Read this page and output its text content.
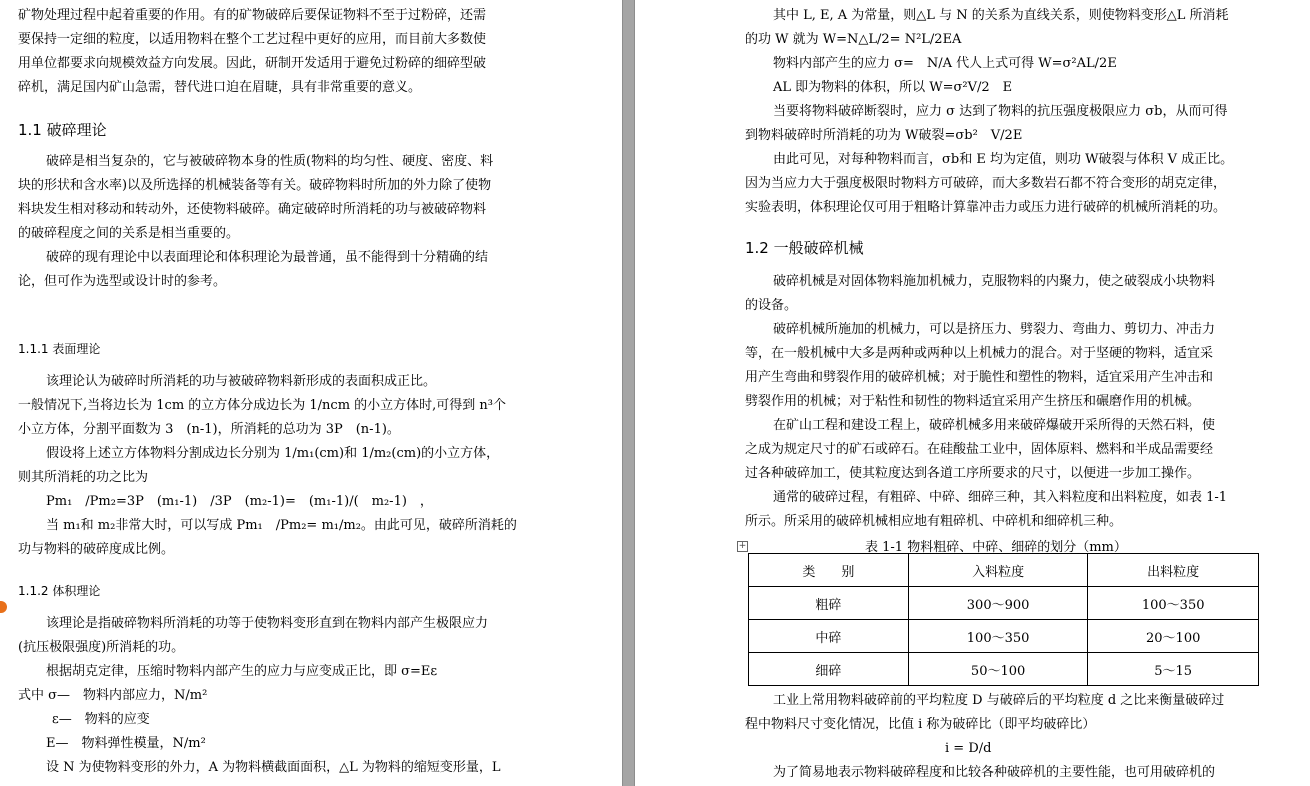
矿物处理过程中起着重要的作用。有的矿物破碎后要保证物料不至于过粉碎，还需
要保持一定细的粒度，以适用物料在整个工艺过程中更好的应用，而目前大多数使
用单位都要求向规模效益方向发展。因此，研制开发适用于避免过粉碎的细碎型破
碎机，满足国内矿山急需，替代进口迫在眉睫，具有非常重要的意义。
1.1 破碎理论
破碎是相当复杂的，它与被破碎物本身的性质(物料的均匀性、硬度、密度、料
块的形状和含水率)以及所选择的机械装备等有关。破碎物料时所加的外力除了使物
料块发生相对移动和转动外，还使物料破碎。确定破碎时所消耗的功与被破碎物料
的破碎程度之间的关系是相当重要的。
破碎的现有理论中以表面理论和体积理论为最普通，虽不能得到十分精确的结
论，但可作为选型或设计时的参考。
1.1.1 表面理论
该理论认为破碎时所消耗的功与被破碎物料新形成的表面积成正比。
一般情况下,当将边长为 1cm 的立方体分成边长为 1/ncm 的小立方体时,可得到 n³个
小立方体，分割平面数为 3　(n-1)，所消耗的总功为 3P　(n-1)。
假设将上述立方体物料分割成边长分别为 1/m₁(cm)和 1/m₂(cm)的小立方体，
则其所消耗的功之比为
Pm₁　/Pm₂=3P　(m₁-1)　/3P　(m₂-1)=　(m₁-1)/(　m₂-1)　，
当 m₁和 m₂非常大时，可以写成 Pm₁　/Pm₂= m₁/m₂。由此可见，破碎所消耗的
功与物料的破碎度成比例。
1.1.2 体积理论
该理论是指破碎物料所消耗的功等于使物料变形直到在物料内部产生极限应力
(抗压极限强度)所消耗的功。
根据胡克定律，压缩时物料内部产生的应力与应变成正比，即 σ=Eε
式中 σ—　物料内部应力，N/m²
ε—　物料的应变
E—　物料弹性模量，N/m²
设 N 为使物料变形的外力，A 为物料横截面面积，△L 为物料的缩短变形量，L
其中 L, E, A 为常量，则△L 与 N 的关系为直线关系，则使物料变形△L 所消耗
的功 W 就为 W=N△L/2= N²L/2EA
物料内部产生的应力 σ=　N/A 代人上式可得 W=σ²AL/2E
AL 即为物料的体积，所以 W=σ²V/2　E
当要将物料破碎断裂时，应力 σ 达到了物料的抗压强度极限应力 σb，从而可得
到物料破碎时所消耗的功为 W破裂=σb²　V/2E
由此可见，对每种物料而言，σb和 E 均为定值，则功 W破裂与体积 V 成正比。
因为当应力大于强度极限时物料方可破碎，而大多数岩石都不符合变形的胡克定律，
实验表明，体积理论仅可用于粗略计算靠冲击力或压力进行破碎的机械所消耗的功。
1.2 一般破碎机械
破碎机械是对固体物料施加机械力，克服物料的内聚力，使之破裂成小块物料
的设备。
破碎机械所施加的机械力，可以是挤压力、劈裂力、弯曲力、剪切力、冲击力
等，在一般机械中大多是两种或两种以上机械力的混合。对于坚硬的物料，适宜采
用产生弯曲和劈裂作用的破碎机械；对于脆性和塑性的物料，适宜采用产生冲击和
劈裂作用的机械；对于粘性和韧性的物料适宜采用产生挤压和碾磨作用的机械。
在矿山工程和建设工程上，破碎机械多用来破碎爆破开采所得的天然石料，使
之成为规定尺寸的矿石或碎石。在硅酸盐工业中，固体原料、燃料和半成品需要经
过各种破碎加工，使其粒度达到各道工序所要求的尺寸，以便进一步加工操作。
通常的破碎过程，有粗碎、中碎、细碎三种，其入料粒度和出料粒度，如表 1-1
所示。所采用的破碎机械相应地有粗碎机、中碎机和细碎机三种。
+	表 1-1 物料粗碎、中碎、细碎的划分（mm）
类　　别	入料粒度	出料粒度
粗碎	300～900	100～350
中碎	100～350	20～100
细碎	50～100	5～15
工业上常用物料破碎前的平均粒度 D 与破碎后的平均粒度 d 之比来衡量破碎过
程中物料尺寸变化情况，比值 i 称为破碎比（即平均破碎比）
i = D/d
为了简易地表示物料破碎程度和比较各种破碎机的主要性能，也可用破碎机的
